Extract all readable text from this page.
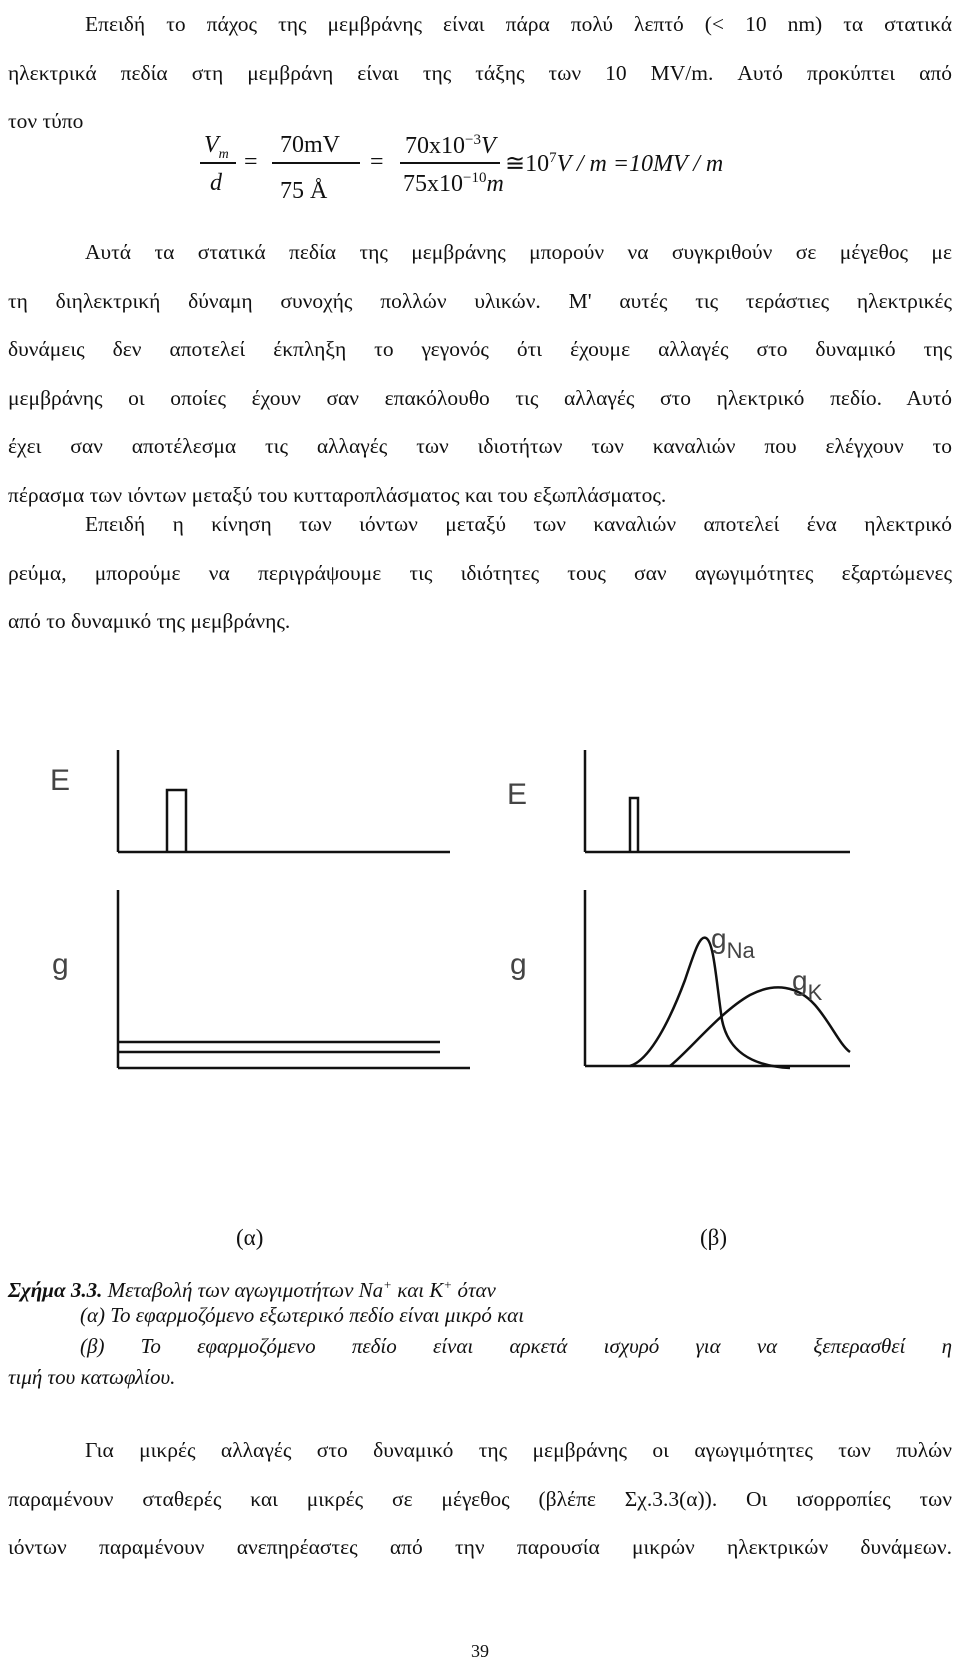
Επειδή το πάχος της μεμβράνης είναι πάρα πολύ λεπτό (< 10 nm) τα στατικά
ηλεκτρικά πεδία στη μεμβράνη είναι της τάξης των 10 MV/m. Αυτό προκύπτει από
τον τύπο
$V_m$
d
=
70mV
75 Å
=
$70x10^{-3}V$
$75x10^{-10}m$
$≅10^7V / m =10MV / m$
Αυτά τα στατικά πεδία της μεμβράνης μπορούν να συγκριθούν σε μέγεθος με
τη διηλεκτρική δύναμη συνοχής πολλών υλικών. Μ' αυτές τις τεράστιες ηλεκτρικές
δυνάμεις δεν αποτελεί έκπληξη το γεγονός ότι έχουμε αλλαγές στο δυναμικό της
μεμβράνης οι οποίες έχουν σαν επακόλουθο τις αλλαγές στο ηλεκτρικό πεδίο. Αυτό
έχει σαν αποτέλεσμα τις αλλαγές των ιδιοτήτων των καναλιών που ελέγχουν το
πέρασμα των ιόντων μεταξύ του κυτταροπλάσματος και του εξωπλάσματος.
Επειδή η κίνηση των ιόντων μεταξύ των καναλιών αποτελεί ένα ηλεκτρικό
ρεύμα, μπορούμε να περιγράψουμε τις ιδιότητες τους σαν αγωγιμότητες εξαρτώμενες
από το δυναμικό της μεμβράνης.
E
g
E
g
$g_{Na}$
$g_K$
(α)	(β)
Σχήμα 3.3. Μεταβολή των αγωγιμοτήτων Na+ και K+ όταν
(α) Το εφαρμοζόμενο εξωτερικό πεδίο είναι μικρό και
(β) Το εφαρμοζόμενο πεδίο είναι αρκετά ισχυρό για να ξεπερασθεί η
τιμή του κατωφλίου.
Για μικρές αλλαγές στο δυναμικό της μεμβράνης οι αγωγιμότητες των πυλών
παραμένουν σταθερές και μικρές σε μέγεθος (βλέπε Σχ.3.3(α)). Οι ισορροπίες των
ιόντων παραμένουν ανεπηρέαστες από την παρουσία μικρών ηλεκτρικών δυνάμεων.
39
